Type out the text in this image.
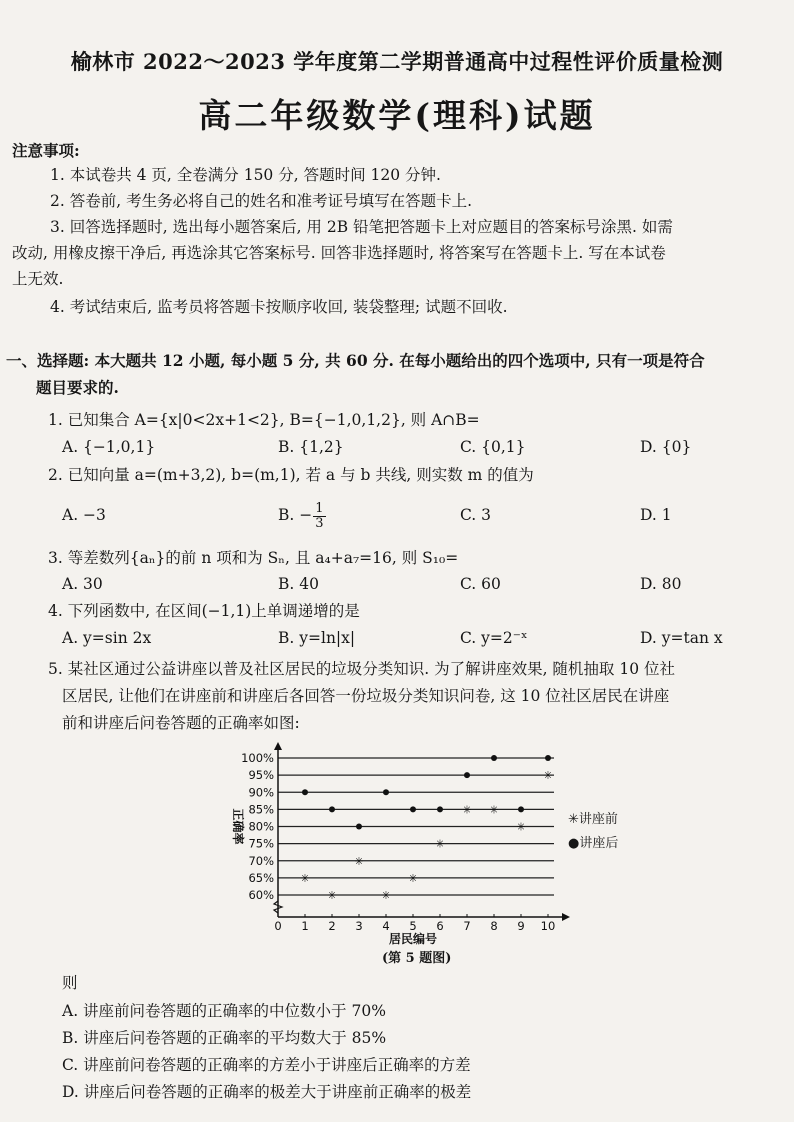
榆林市 2022～2023 学年度第二学期普通高中过程性评价质量检测
高二年级数学(理科)试题
注意事项:
1. 本试卷共 4 页, 全卷满分 150 分, 答题时间 120 分钟.
2. 答卷前, 考生务必将自己的姓名和准考证号填写在答题卡上.
3. 回答选择题时, 选出每小题答案后, 用 2B 铅笔把答题卡上对应题目的答案标号涂黑. 如需
改动, 用橡皮擦干净后, 再选涂其它答案标号. 回答非选择题时, 将答案写在答题卡上. 写在本试卷
上无效.
4. 考试结束后, 监考员将答题卡按顺序收回, 装袋整理; 试题不回收.
一、选择题: 本大题共 12 小题, 每小题 5 分, 共 60 分. 在每小题给出的四个选项中, 只有一项是符合
题目要求的.
1. 已知集合 A={x|0<2x+1<2}, B={−1,0,1,2}, 则 A∩B=
A. {−1,0,1}	B. {1,2}	C. {0,1}	D. {0}
2. 已知向量 a=(m+3,2), b=(m,1), 若 a 与 b 共线, 则实数 m 的值为
A. −3	B. − $\frac{1}{3}$	C. 3	D. 1
3. 等差数列{aₙ}的前 n 项和为 Sₙ, 且 a₄+a₇=16, 则 S₁₀=
A. 30	B. 40	C. 60	D. 80
4. 下列函数中, 在区间(−1,1)上单调递增的是
A. y=sin 2x	B. y=ln|x|	C. y=2⁻ˣ	D. y=tan x
5. 某社区通过公益讲座以普及社区居民的垃圾分类知识. 为了解讲座效果, 随机抽取 10 位社
区居民, 让他们在讲座前和讲座后各回答一份垃圾分类知识问卷, 这 10 位社区居民在讲座
前和讲座后问卷答题的正确率如图:
60%
65%
70%
75%
80%
85%
90%
95%
100%
0 1 2 3 4 5 6 7 8 9 10
居民编号
正确率
✳
✳
✳
✳
✳
✳
✳ ✳
✳
✳
✳讲座前
●讲座后
(第 5 题图)
则
A. 讲座前问卷答题的正确率的中位数小于 70%
B. 讲座后问卷答题的正确率的平均数大于 85%
C. 讲座前问卷答题的正确率的方差小于讲座后正确率的方差
D. 讲座后问卷答题的正确率的极差大于讲座前正确率的极差
